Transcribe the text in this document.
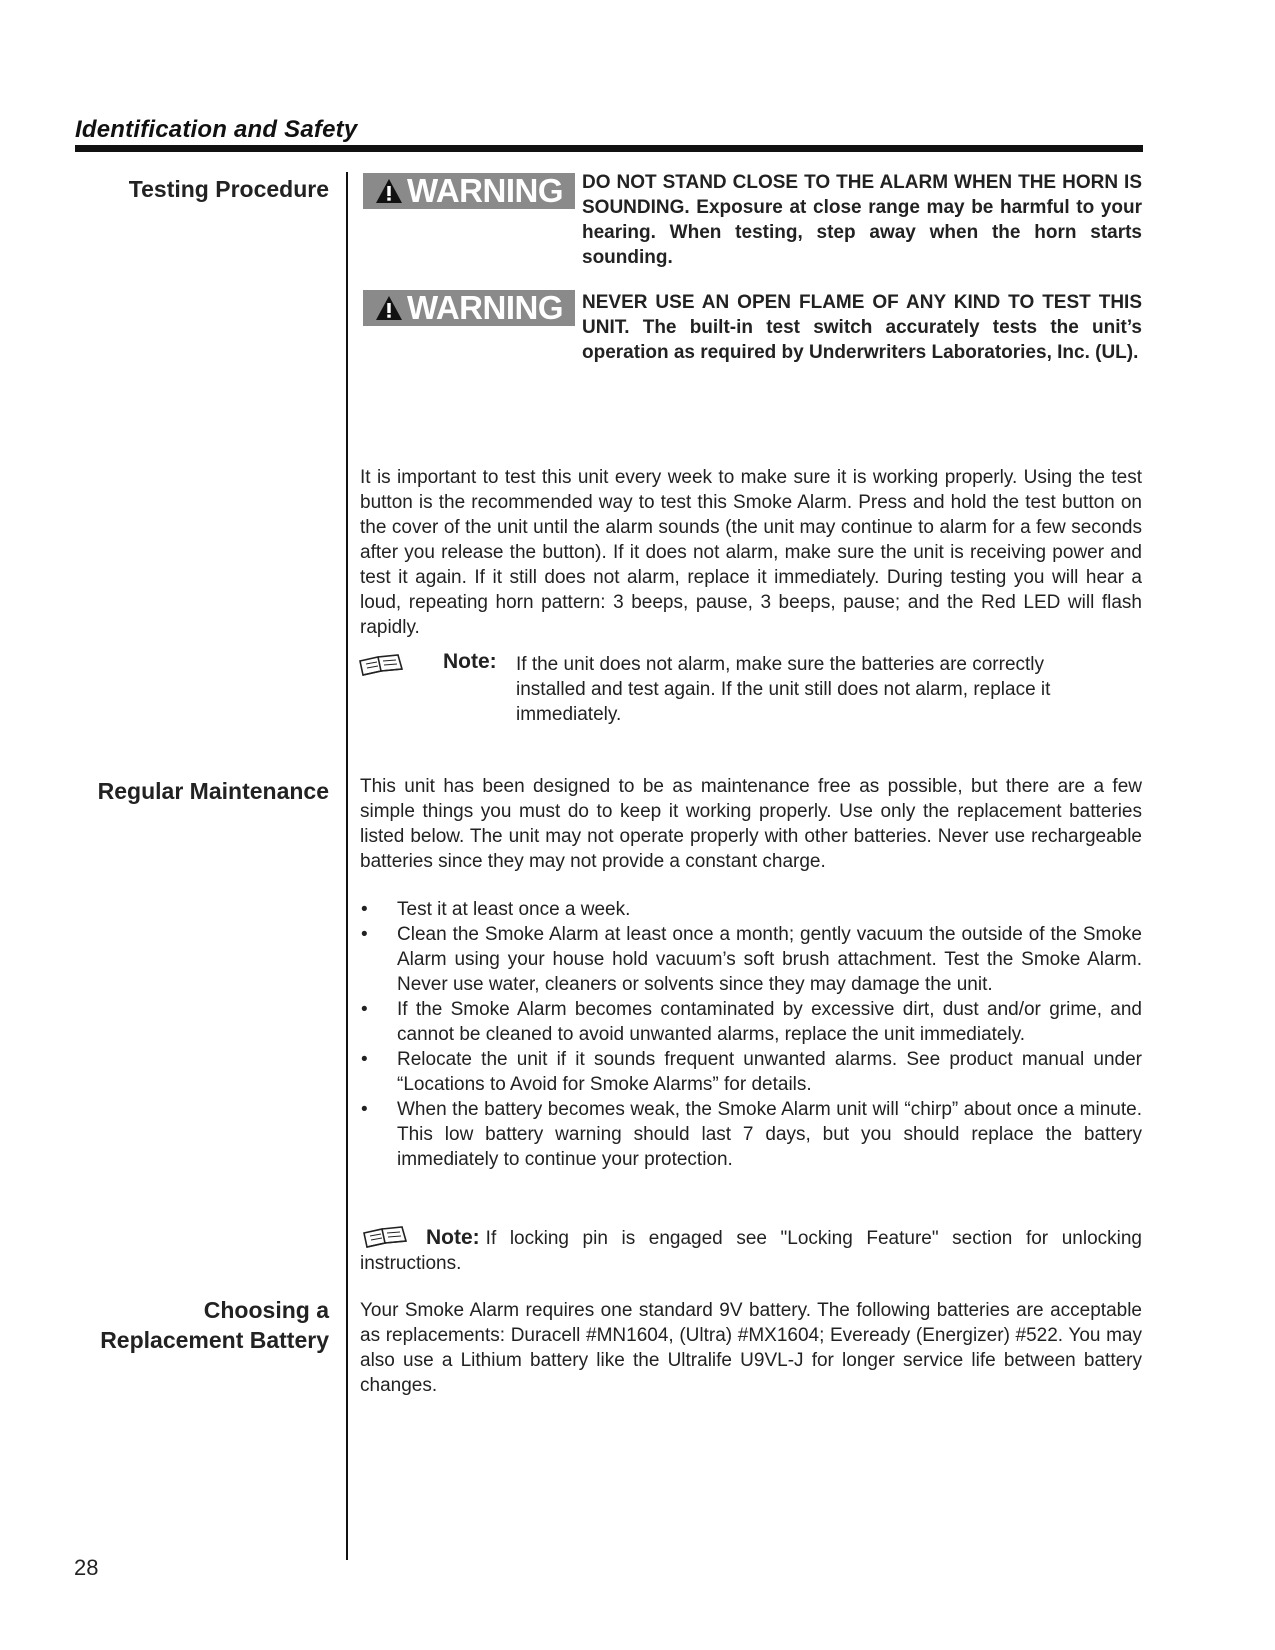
Identification and Safety
Testing Procedure
Regular Maintenance
Choosing a
Replacement Battery
WARNING DO NOT STAND CLOSE TO THE ALARM WHEN THE HORN IS SOUNDING. Exposure at close range may be harmful to your hearing. When testing, step away when the horn starts sounding.
WARNING NEVER USE AN OPEN FLAME OF ANY KIND TO TEST THIS UNIT. The built-in test switch accurately tests the unit’s operation as required by Underwriters Laboratories, Inc. (UL).
It is important to test this unit every week to make sure it is working properly. Using the test button is the recommended way to test this Smoke Alarm. Press and hold the test button on the cover of the unit until the alarm sounds (the unit may continue to alarm for a few seconds after you release the button). If it does not alarm, make sure the unit is receiving power and test it again. If it still does not alarm, replace it immediately. During testing you will hear a loud, repeating horn pattern: 3 beeps, pause, 3 beeps, pause; and the Red LED will flash rapidly.
Note: If the unit does not alarm, make sure the batteries are correctly installed and test again. If the unit still does not alarm, replace it immediately.
This unit has been designed to be as maintenance free as possible, but there are a few simple things you must do to keep it working properly. Use only the replacement batteries listed below. The unit may not operate properly with other batteries. Never use rechargeable batteries since they may not provide a constant charge.
• Test it at least once a week.
• Clean the Smoke Alarm at least once a month; gently vacuum the outside of the Smoke Alarm using your house hold vacuum’s soft brush attachment. Test the Smoke Alarm. Never use water, cleaners or solvents since they may damage the unit.
• If the Smoke Alarm becomes contaminated by excessive dirt, dust and/or grime, and cannot be cleaned to avoid unwanted alarms, replace the unit immediately.
• Relocate the unit if it sounds frequent unwanted alarms. See product manual under “Locations to Avoid for Smoke Alarms” for details.
• When the battery becomes weak, the Smoke Alarm unit will “chirp” about once a minute. This low battery warning should last 7 days, but you should replace the battery immediately to continue your protection.
Note: If locking pin is engaged see "Locking Feature" section for unlocking instructions.
Your Smoke Alarm requires one standard 9V battery. The following batteries are acceptable as replacements: Duracell #MN1604, (Ultra) #MX1604; Eveready (Energizer) #522. You may also use a Lithium battery like the Ultralife U9VL-J for longer service life between battery changes.
28
